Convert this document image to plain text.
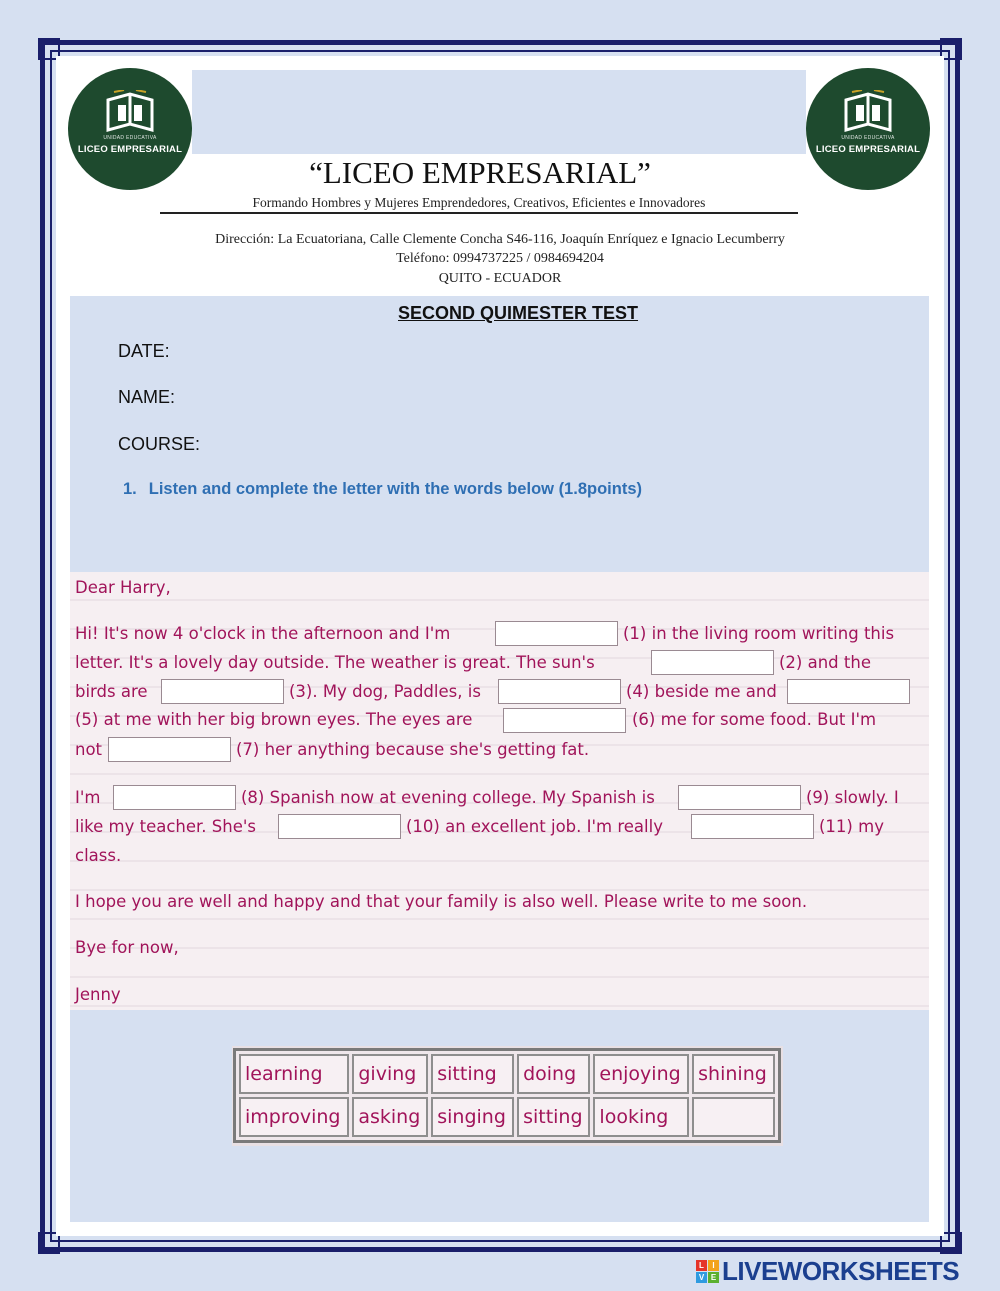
UNIDAD EDUCATIVA
LICEO EMPRESARIAL
UNIDAD EDUCATIVA
LICEO EMPRESARIAL
“LICEO EMPRESARIAL”
Formando Hombres y Mujeres Emprendedores, Creativos, Eficientes e Innovadores
Dirección: La Ecuatoriana, Calle Clemente Concha S46-116, Joaquín Enríquez e Ignacio Lecumberry
Teléfono: 0994737225 / 0984694204
QUITO - ECUADOR
SECOND QUIMESTER TEST
DATE:
NAME:
COURSE:
1. Listen and complete the letter with the words below (1.8points)
Dear Harry,
Hi! It's now 4 o'clock in the afternoon and I'm	(1) in the living room writing this
letter. It's a lovely day outside. The weather is great. The sun's	(2) and the
birds are	(3). My dog, Paddles, is	(4) beside me and
(5) at me with her big brown eyes. The eyes are	(6) me for some food. But I'm
not	(7) her anything because she's getting fat.
I'm	(8) Spanish now at evening college. My Spanish is	(9) slowly. I
like my teacher. She's	(10) an excellent job. I'm really	(11) my
class.
I hope you are well and happy and that your family is also well. Please write to me soon.
Bye for now,
Jenny
learning	giving	sitting	doing	enjoying	shining
improving	asking	singing	sitting	looking	
L	I
V E LIVEWORKSHEETS
